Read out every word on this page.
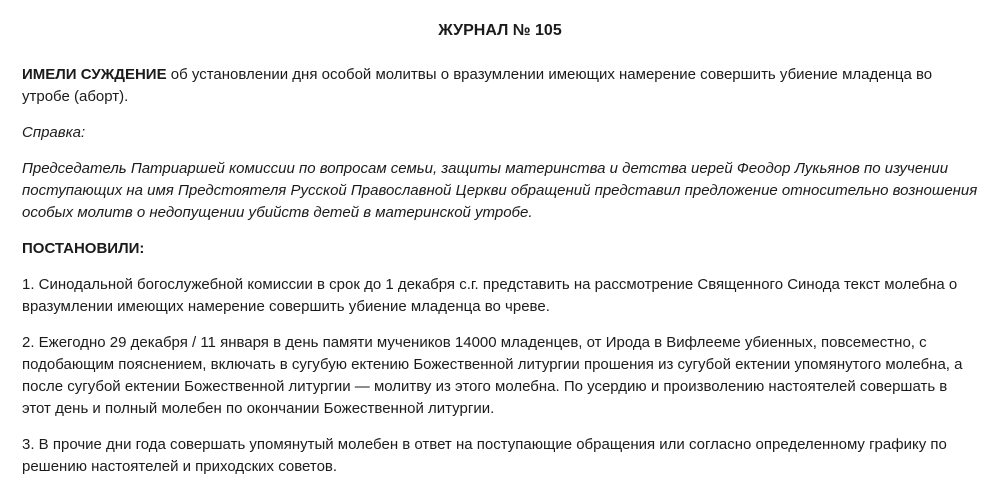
ЖУРНАЛ № 105

ИМЕЛИ СУЖДЕНИЕ об установлении дня особой молитвы о вразумлении имеющих намерение совершить убиение младенца во утробе (аборт).

Справка:

Председатель Патриаршей комиссии по вопросам семьи, защиты материнства и детства иерей Феодор Лукьянов по изучении поступающих на имя Предстоятеля Русской Православной Церкви обращений представил предложение относительно возношения особых молитв о недопущении убийств детей в материнской утробе.

ПОСТАНОВИЛИ:

1. Синодальной богослужебной комиссии в срок до 1 декабря с.г. представить на рассмотрение Священного Синода текст молебна о вразумлении имеющих намерение совершить убиение младенца во чреве.

2. Ежегодно 29 декабря / 11 января в день памяти мучеников 14000 младенцев, от Ирода в Вифлееме убиенных, повсеместно, с подобающим пояснением, включать в сугубую ектению Божественной литургии прошения из сугубой ектении упомянутого молебна, а после сугубой ектении Божественной литургии — молитву из этого молебна. По усердию и произволению настоятелей совершать в этот день и полный молебен по окончании Божественной литургии.

3. В прочие дни года совершать упомянутый молебен в ответ на поступающие обращения или согласно определенному графику по решению настоятелей и приходских советов.
